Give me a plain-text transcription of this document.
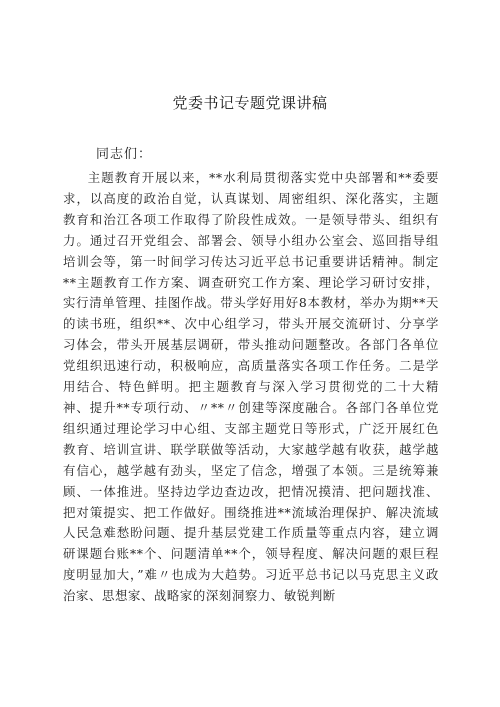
党委书记专题党课讲稿
同志们：

主题教育开展以来，**水利局贯彻落实党中央部署和**委要求，以高度的政治自觉，认真谋划、周密组织、深化落实，主题教育和治江各项工作取得了阶段性成效。一是领导带头、组织有力。通过召开党组会、部署会、领导小组办公室会、巡回指导组培训会等，第一时间学习传达习近平总书记重要讲话精神。制定**主题教育工作方案、调查研究工作方案、理论学习研讨安排，实行清单管理、挂图作战。带头学好用好8本教材，举办为期**天的读书班，组织**、次中心组学习，带头开展交流研讨、分享学习体会，带头开展基层调研，带头推动问题整改。各部门各单位党组织迅速行动，积极响应，高质量落实各项工作任务。二是学用结合、特色鲜明。把主题教育与深入学习贯彻党的二十大精神、提升**专项行动、〃**〃创建等深度融合。各部门各单位党组织通过理论学习中心组、支部主题党日等形式，广泛开展红色教育、培训宣讲、联学联做等活动，大家越学越有收获，越学越有信心，越学越有劲头，坚定了信念，增强了本领。三是统筹兼顾、一体推进。坚持边学边查边改，把情况摸清、把问题找准、把对策提实、把工作做好。围绕推进**流域治理保护、解决流域人民急难愁盼问题、提升基层党建工作质量等重点内容，建立调研课题台账**个、问题清单**个，领导程度、解决问题的艰巨程度明显加大，”难〃也成为大趋势。习近平总书记以马克思主义政治家、思想家、战略家的深刻洞察力、敏锐判断
